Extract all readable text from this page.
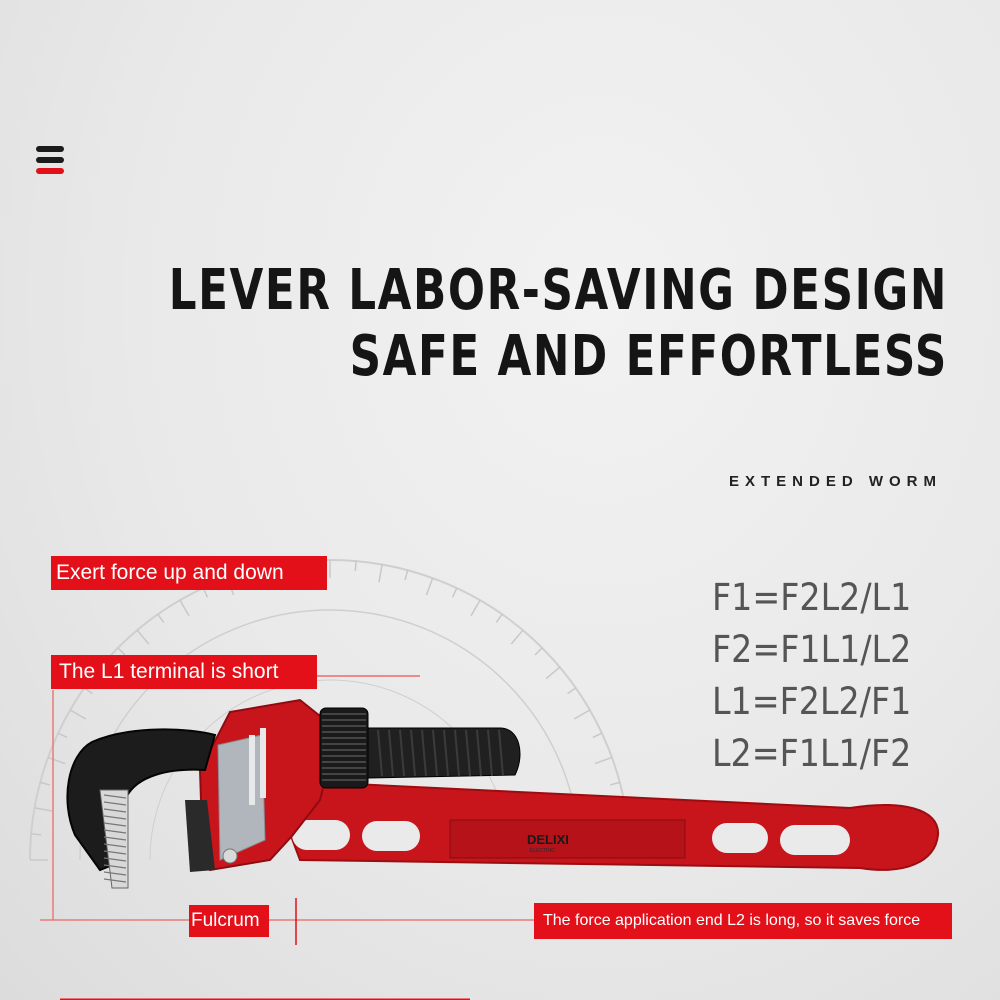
DELIXI
ELECTRIC
LEVER LABOR-SAVING DESIGN
SAFE AND EFFORTLESS
EXTENDED WORM
F1=F2L2/L1
F2=F1L1/L2
L1=F2L2/F1
L2=F1L1/F2
Exert force up and down
The L1 terminal is short
Fulcrum	The force application end L2 is long, so it saves force
